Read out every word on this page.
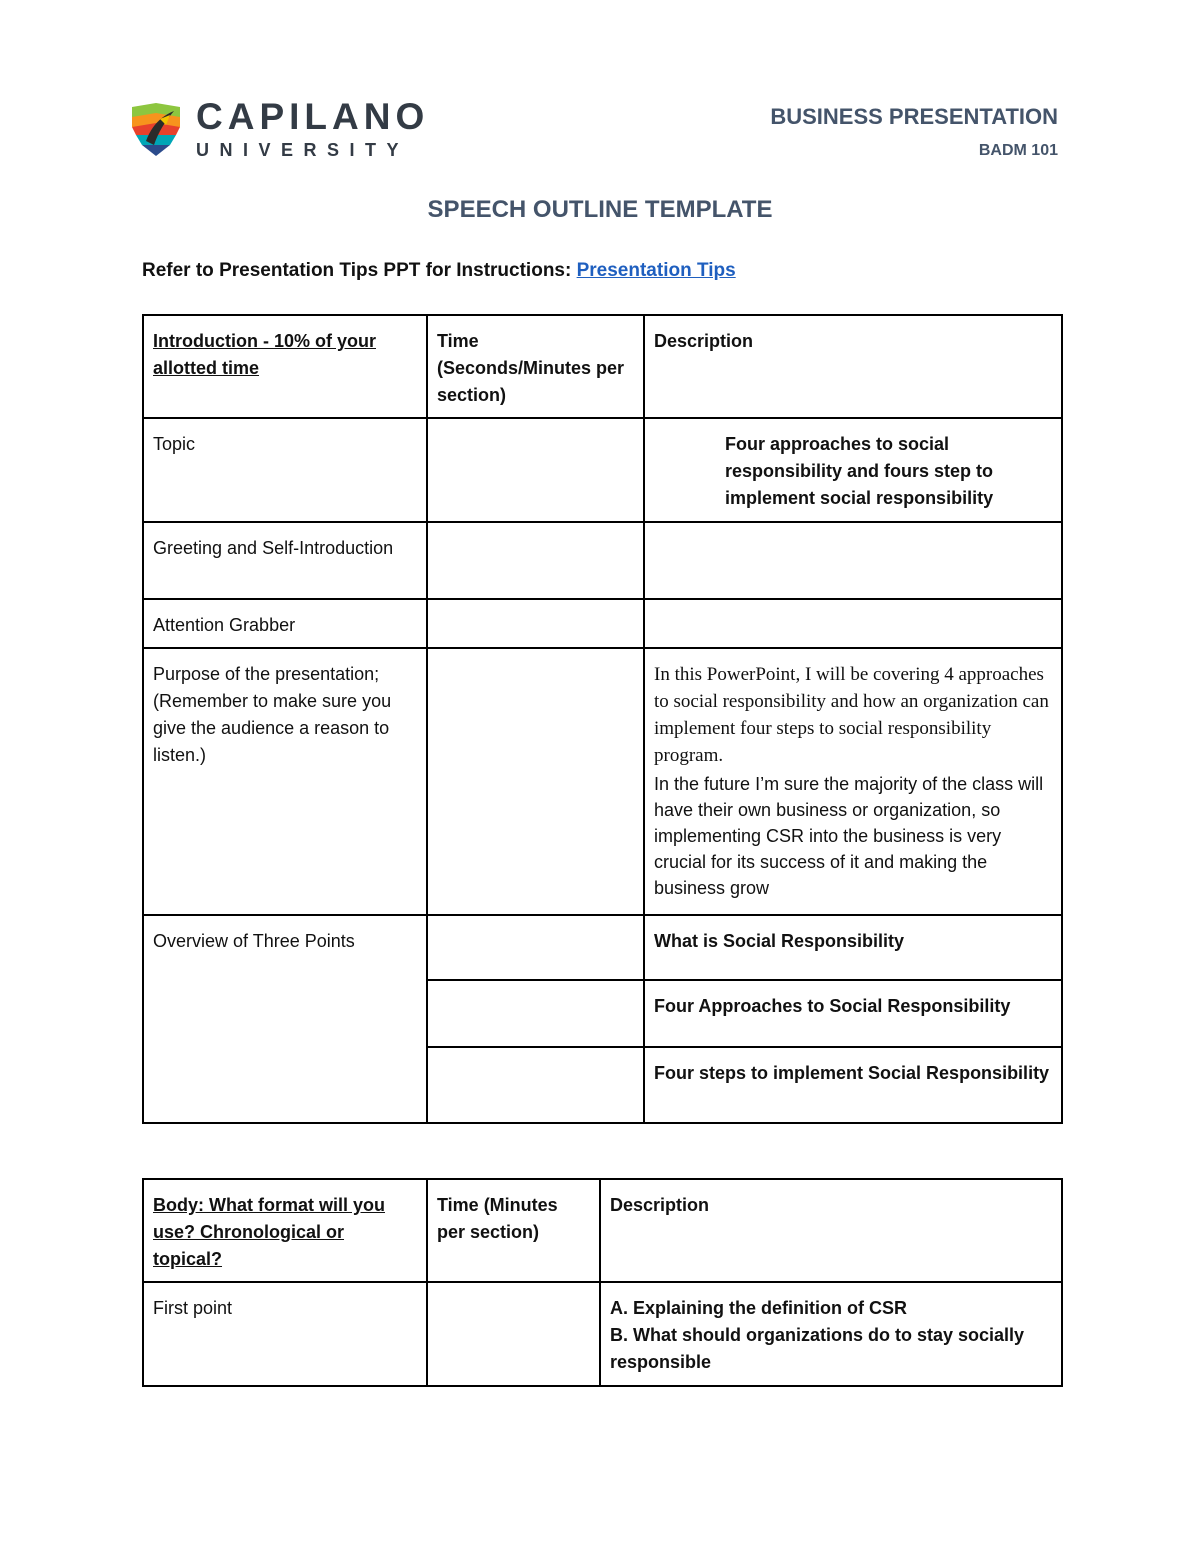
CAPILANO
UNIVERSITY
BUSINESS PRESENTATION
BADM 101
SPEECH OUTLINE TEMPLATE
Refer to Presentation Tips PPT for Instructions: Presentation Tips
Introduction - 10% of your allotted time	Time (Seconds/Minutes per section)	Description
Topic		Four approaches to social responsibility and fours step to implement social responsibility
Greeting and Self-Introduction		
Attention Grabber		
Purpose of the presentation; (Remember to make sure you give the audience a reason to listen.)		In this PowerPoint, I will be covering 4 approaches to social responsibility and how an organization can implement four steps to social responsibility program.
In the future I’m sure the majority of the class will have their own business or organization, so implementing CSR into the business is very crucial for its success of it and making the business grow

Overview of Three Points		What is Social Responsibility
		Four Approaches to Social Responsibility
		Four steps to implement Social Responsibility
Body: What format will you use? Chronological or topical?	Time (Minutes per section)	Description
First point		A. Explaining the definition of CSR
B. What should organizations do to stay socially responsible
